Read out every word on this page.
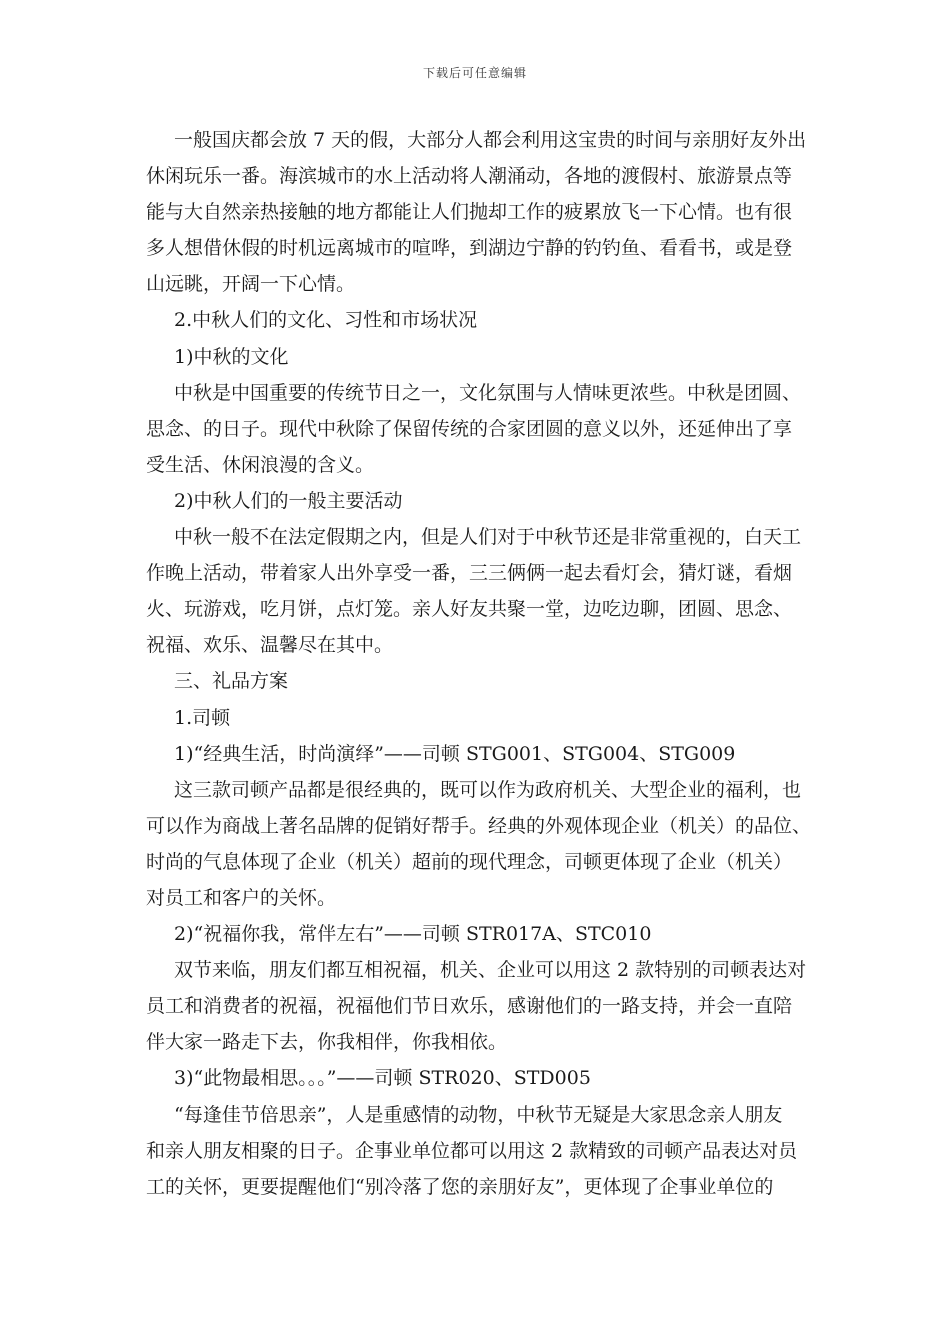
下载后可任意编辑
一般国庆都会放 7 天的假，大部分人都会利用这宝贵的时间与亲朋好友外出
休闲玩乐一番。海滨城市的水上活动将人潮涌动，各地的渡假村、旅游景点等
能与大自然亲热接触的地方都能让人们抛却工作的疲累放飞一下心情。也有很
多人想借休假的时机远离城市的喧哗，到湖边宁静的钓钓鱼、看看书，或是登
山远眺，开阔一下心情。
2.中秋人们的文化、习性和市场状况
1)中秋的文化
中秋是中国重要的传统节日之一，文化氛围与人情味更浓些。中秋是团圆、
思念、的日子。现代中秋除了保留传统的合家团圆的意义以外，还延伸出了享
受生活、休闲浪漫的含义。
2)中秋人们的一般主要活动
中秋一般不在法定假期之内，但是人们对于中秋节还是非常重视的，白天工
作晚上活动，带着家人出外享受一番，三三俩俩一起去看灯会，猜灯谜，看烟
火、玩游戏，吃月饼，点灯笼。亲人好友共聚一堂，边吃边聊，团圆、思念、
祝福、欢乐、温馨尽在其中。
三、礼品方案
1.司顿
1)“经典生活，时尚演绎”——司顿 STG001、STG004、STG009
这三款司顿产品都是很经典的，既可以作为政府机关、大型企业的福利，也
可以作为商战上著名品牌的促销好帮手。经典的外观体现企业（机关）的品位、
时尚的气息体现了企业（机关）超前的现代理念，司顿更体现了企业（机关）
对员工和客户的关怀。
2)“祝福你我，常伴左右”——司顿 STR017A、STC010
双节来临，朋友们都互相祝福，机关、企业可以用这 2 款特别的司顿表达对
员工和消费者的祝福，祝福他们节日欢乐，感谢他们的一路支持，并会一直陪
伴大家一路走下去，你我相伴，你我相依。
3)“此物最相思。。。”——司顿 STR020、STD005
“每逢佳节倍思亲”，人是重感情的动物，中秋节无疑是大家思念亲人朋友
和亲人朋友相聚的日子。企事业单位都可以用这 2 款精致的司顿产品表达对员
工的关怀，更要提醒他们“别冷落了您的亲朋好友”，更体现了企事业单位的
